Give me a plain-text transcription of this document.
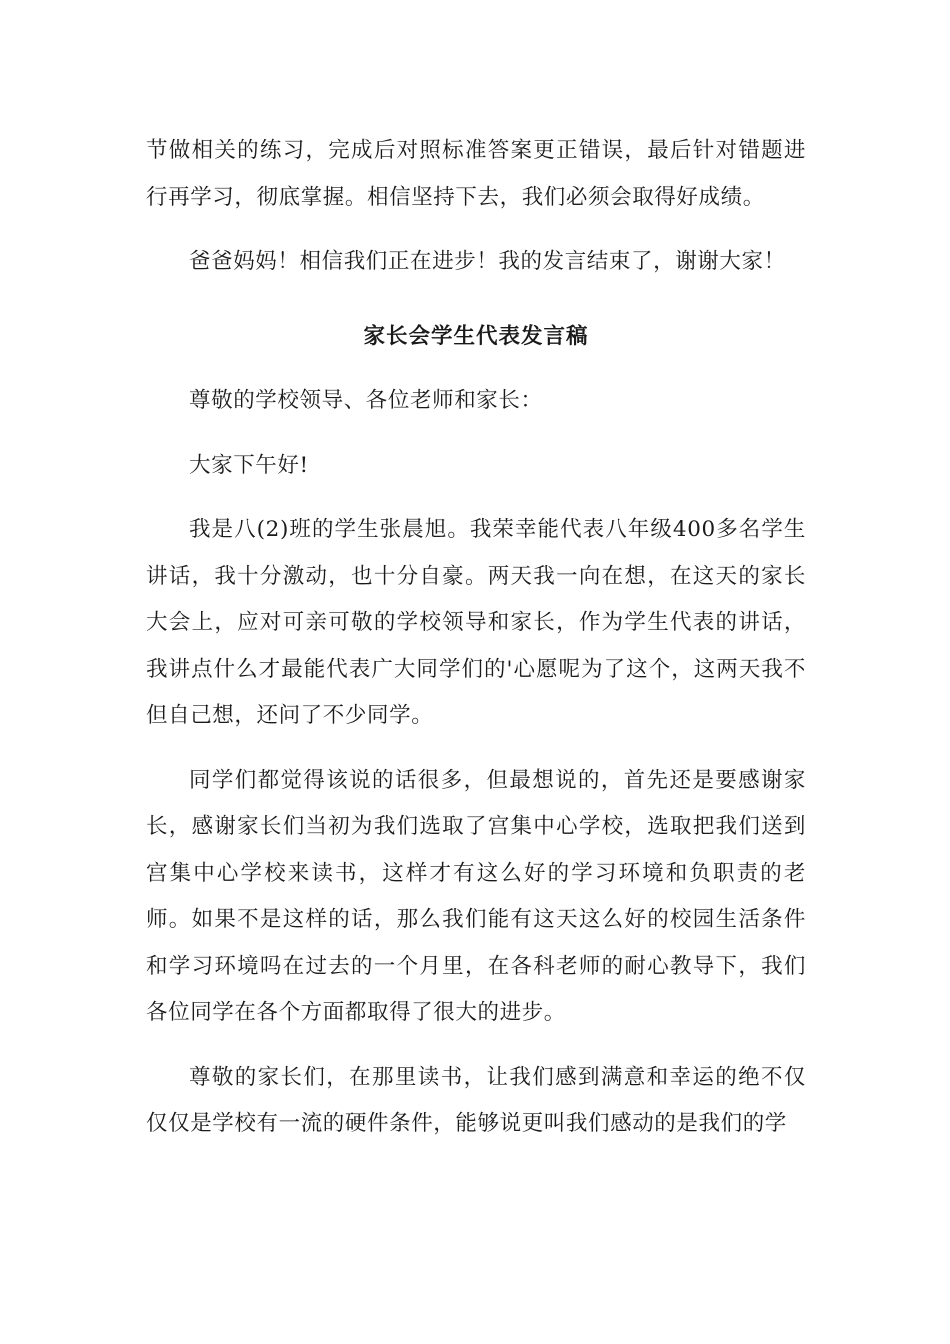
节做相关的练习，完成后对照标准答案更正错误，最后针对错题进行再学习，彻底掌握。相信坚持下去，我们必须会取得好成绩。

爸爸妈妈！相信我们正在进步！我的发言结束了，谢谢大家！

家长会学生代表发言稿

尊敬的学校领导、各位老师和家长：

大家下午好!

我是八(2)班的学生张晨旭。我荣幸能代表八年级400多名学生讲话，我十分激动，也十分自豪。两天我一向在想，在这天的家长大会上，应对可亲可敬的学校领导和家长，作为学生代表的讲话，我讲点什么才最能代表广大同学们的'心愿呢为了这个，这两天我不但自己想，还问了不少同学。

同学们都觉得该说的话很多，但最想说的，首先还是要感谢家长，感谢家长们当初为我们选取了宫集中心学校，选取把我们送到宫集中心学校来读书，这样才有这么好的学习环境和负职责的老师。如果不是这样的话，那么我们能有这天这么好的校园生活条件和学习环境吗在过去的一个月里，在各科老师的耐心教导下，我们各位同学在各个方面都取得了很大的进步。

尊敬的家长们，在那里读书，让我们感到满意和幸运的绝不仅仅仅是学校有一流的硬件条件，能够说更叫我们感动的是我们的学
